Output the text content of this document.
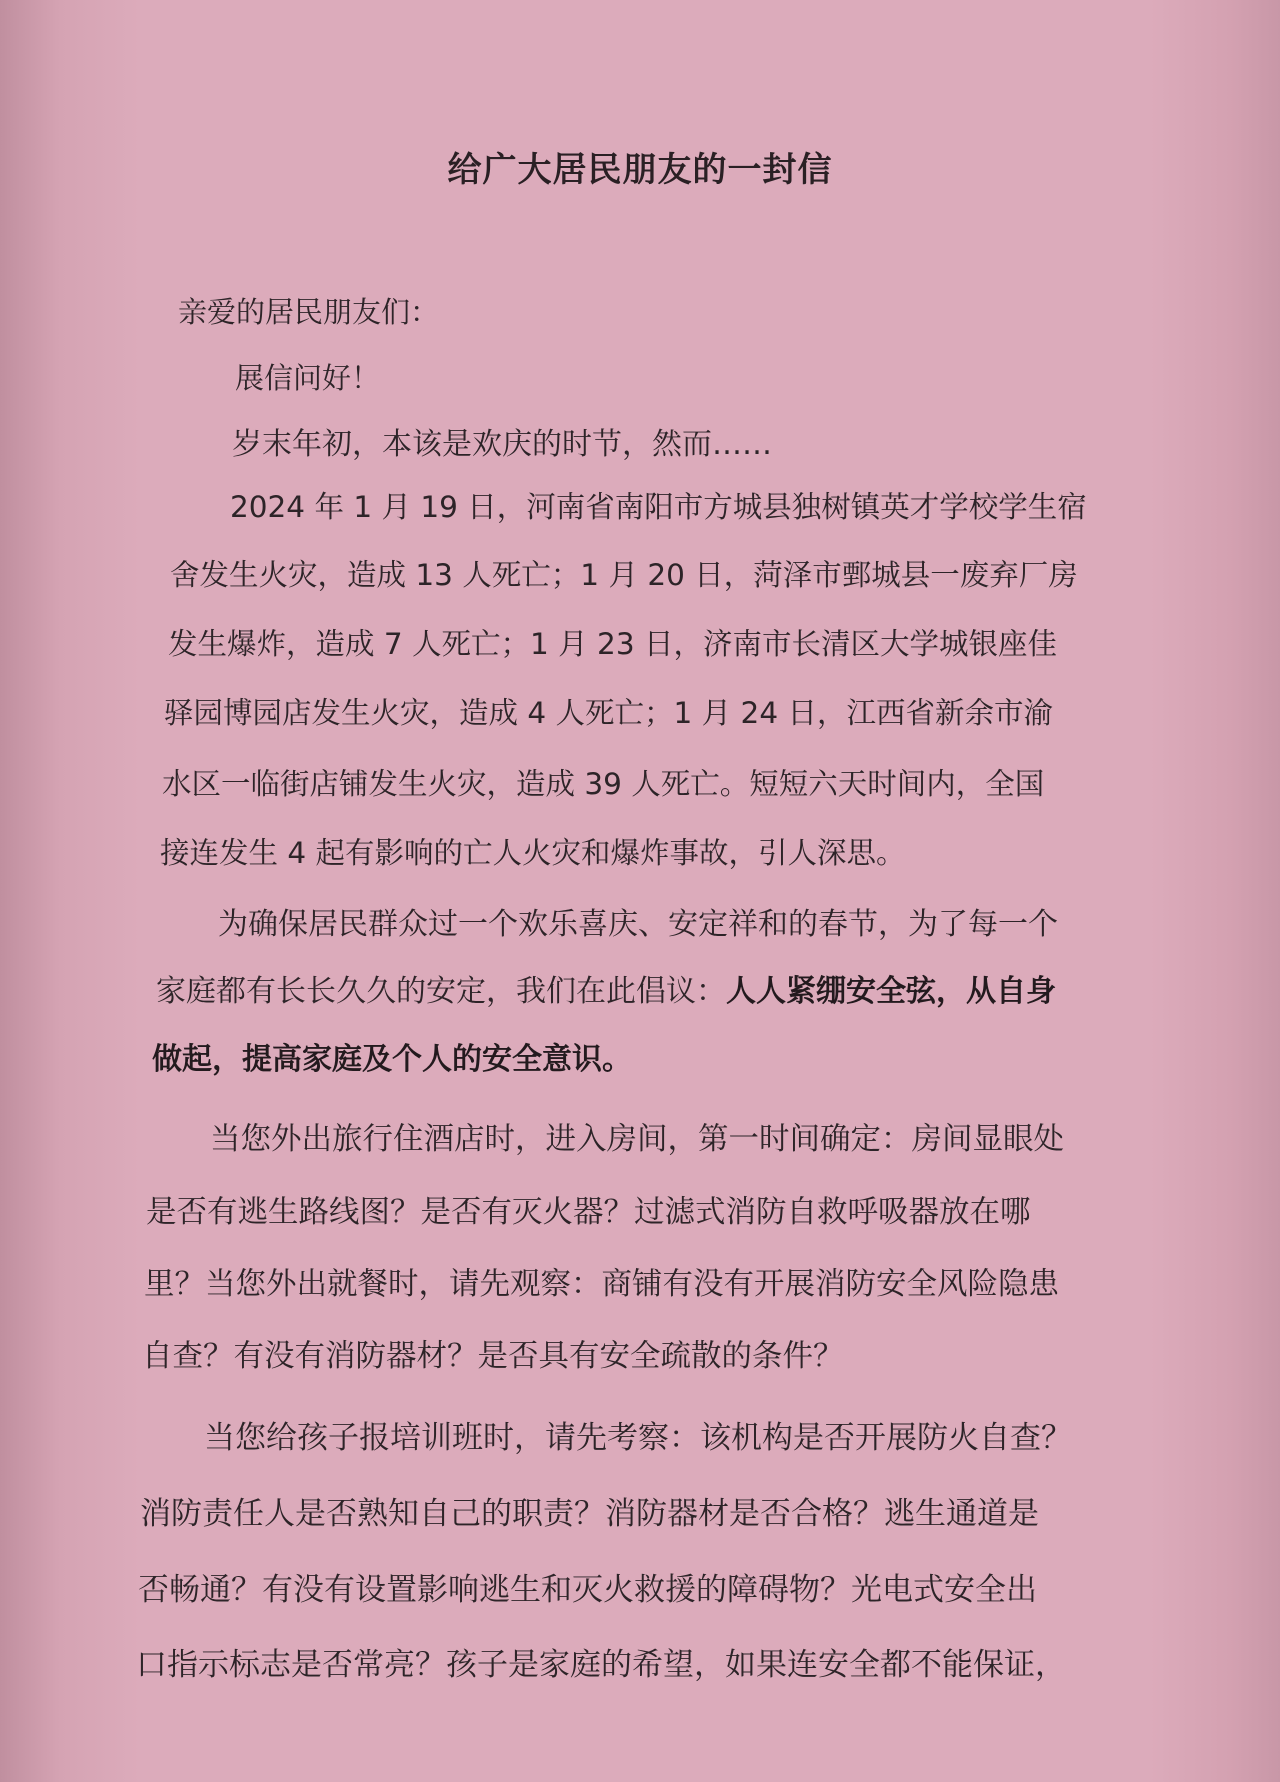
给广大居民朋友的一封信
亲爱的居民朋友们：
展信问好！
岁末年初，本该是欢庆的时节，然而……
2024 年 1 月 19 日，河南省南阳市方城县独树镇英才学校学生宿
舍发生火灾，造成 13 人死亡；1 月 20 日，菏泽市鄄城县一废弃厂房
发生爆炸，造成 7 人死亡；1 月 23 日，济南市长清区大学城银座佳
驿园博园店发生火灾，造成 4 人死亡；1 月 24 日，江西省新余市渝
水区一临街店铺发生火灾，造成 39 人死亡。短短六天时间内，全国
接连发生 4 起有影响的亡人火灾和爆炸事故，引人深思。
为确保居民群众过一个欢乐喜庆、安定祥和的春节，为了每一个
家庭都有长长久久的安定，我们在此倡议：人人紧绷安全弦，从自身
做起，提高家庭及个人的安全意识。
当您外出旅行住酒店时，进入房间，第一时间确定：房间显眼处
是否有逃生路线图？是否有灭火器？过滤式消防自救呼吸器放在哪
里？当您外出就餐时，请先观察：商铺有没有开展消防安全风险隐患
自查？有没有消防器材？是否具有安全疏散的条件？
当您给孩子报培训班时，请先考察：该机构是否开展防火自查？
消防责任人是否熟知自己的职责？消防器材是否合格？逃生通道是
否畅通？有没有设置影响逃生和灭火救援的障碍物？光电式安全出
口指示标志是否常亮？孩子是家庭的希望，如果连安全都不能保证，
